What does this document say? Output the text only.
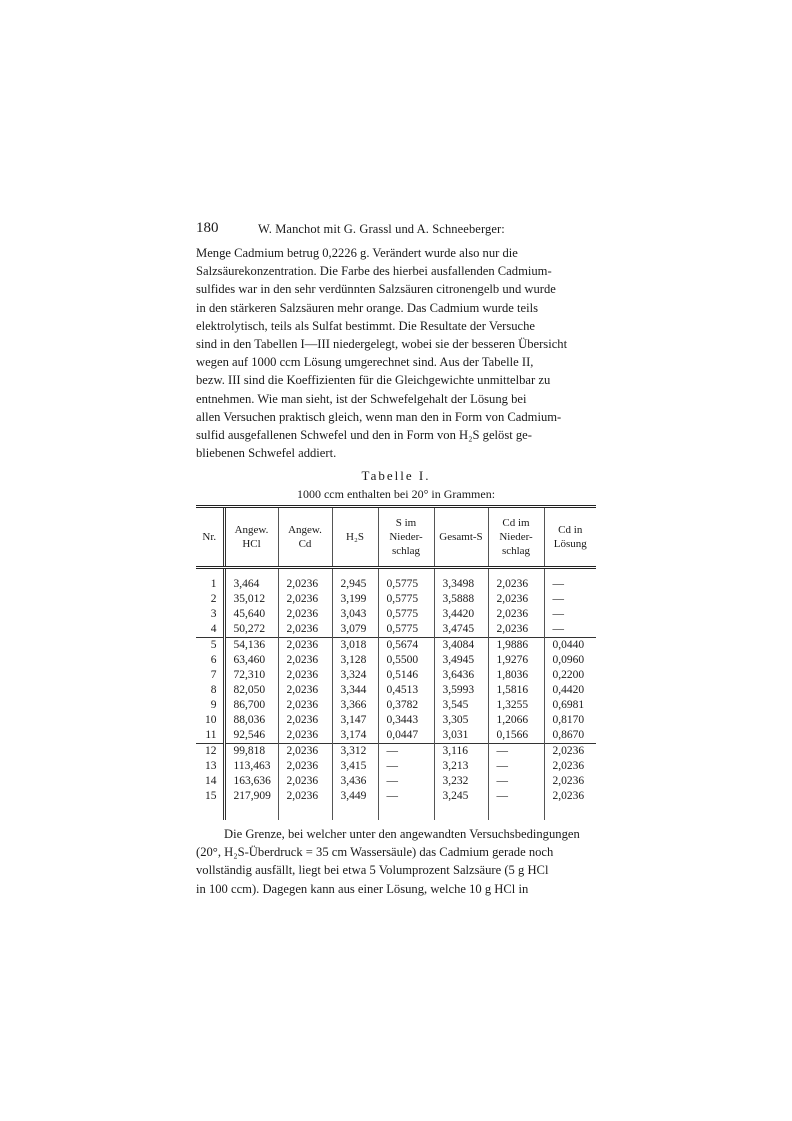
180	W. Manchot mit G. Grassl und A. Schneeberger:
Menge Cadmium betrug 0,2226 g. Verändert wurde also nur die
Salzsäurekonzentration. Die Farbe des hierbei ausfallenden Cadmium-
sulfides war in den sehr verdünnten Salzsäuren citronengelb und wurde
in den stärkeren Salzsäuren mehr orange. Das Cadmium wurde teils
elektrolytisch, teils als Sulfat bestimmt. Die Resultate der Versuche
sind in den Tabellen I—III niedergelegt, wobei sie der besseren Übersicht
wegen auf 1000 ccm Lösung umgerechnet sind. Aus der Tabelle II,
bezw. III sind die Koeffizienten für die Gleichgewichte unmittelbar zu
entnehmen. Wie man sieht, ist der Schwefelgehalt der Lösung bei
allen Versuchen praktisch gleich, wenn man den in Form von Cadmium-
sulfid ausgefallenen Schwefel und den in Form von H₂S gelöst ge-
bliebenen Schwefel addiert.
Tabelle I.
1000 ccm enthalten bei 20° in Grammen:
Nr.	Angew. HCl	Angew. Cd	H₂S	S im Nieder-schlag	Gesamt-S	Cd im Nieder-schlag	Cd in Lösung
1	3,464	2,0236	2,945	0,5775	3,3498	2,0236	—
2	35,012	2,0236	3,199	0,5775	3,5888	2,0236	—
3	45,640	2,0236	3,043	0,5775	3,4420	2,0236	—
4	50,272	2,0236	3,079	0,5775	3,4745	2,0236	—
5	54,136	2,0236	3,018	0,5674	3,4084	1,9886	0,0440
6	63,460	2,0236	3,128	0,5500	3,4945	1,9276	0,0960
7	72,310	2,0236	3,324	0,5146	3,6436	1,8036	0,2200
8	82,050	2,0236	3,344	0,4513	3,5993	1,5816	0,4420
9	86,700	2,0236	3,366	0,3782	3,545	1,3255	0,6981
10	88,036	2,0236	3,147	0,3443	3,305	1,2066	0,8170
11	92,546	2,0236	3,174	0,0447	3,031	0,1566	0,8670
12	99,818	2,0236	3,312	—	3,116	—	2,0236
13	113,463	2,0236	3,415	—	3,213	—	2,0236
14	163,636	2,0236	3,436	—	3,232	—	2,0236
15	217,909	2,0236	3,449	—	3,245	—	2,0236
Die Grenze, bei welcher unter den angewandten Versuchsbedingungen
(20°, H₂S-Überdruck = 35 cm Wassersäule) das Cadmium gerade noch
vollständig ausfällt, liegt bei etwa 5 Volumprozent Salzsäure (5 g HCl
in 100 ccm). Dagegen kann aus einer Lösung, welche 10 g HCl in
